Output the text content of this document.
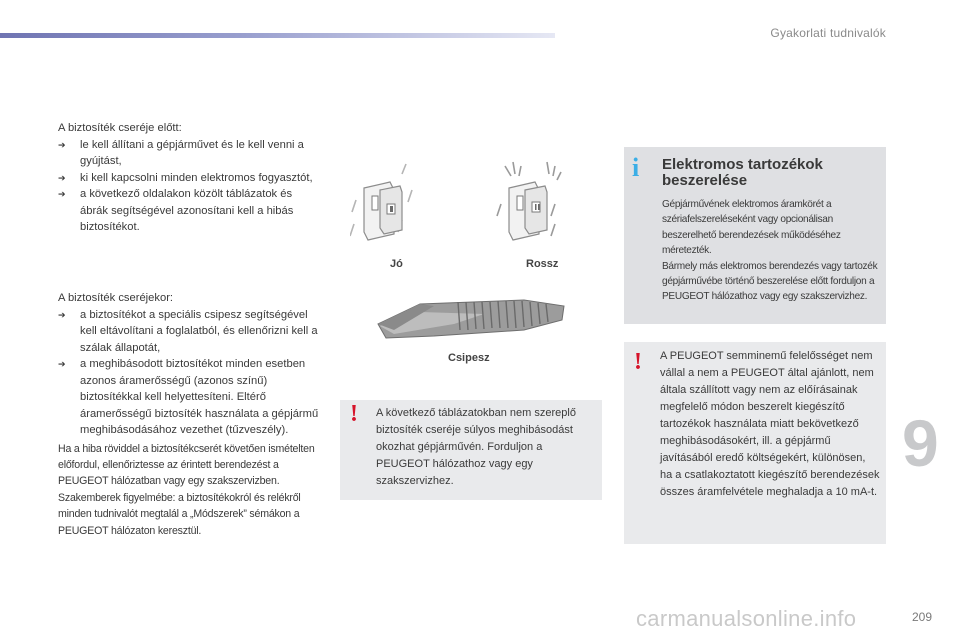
Gyakorlati tudnivalók

A biztosíték cseréje előtt:

➔ le kell állítani a gépjárművet és le kell venni a gyújtást,
➔ ki kell kapcsolni minden elektromos fogyasztót,
➔ a következő oldalakon közölt táblázatok és ábrák segítségével azonosítani kell a hibás biztosítékot.

A biztosíték cseréjekor:

➔ a biztosítékot a speciális csipesz segítségével kell eltávolítani a foglalatból, és ellenőrizni kell a szálak állapotát,
➔ a meghibásodott biztosítékot minden esetben azonos áramerősségű (azonos színű) biztosítékkal kell helyettesíteni. Eltérő áramerősségű biztosíték használata a gépjármű meghibásodásához vezethet (tűzveszély).

Ha a hiba röviddel a biztosítékcserét követően ismételten előfordul, ellenőriztesse az érintett berendezést a PEUGEOT hálózatban vagy egy szakszervizben.

Szakemberek figyelmébe: a biztosítékokról és relékről minden tudnivalót megtalál a „Módszerek” sémákon a PEUGEOT hálózaton keresztül.

Jó	Rossz
Csipesz
! A következő táblázatokban nem szereplő biztosíték cseréje súlyos meghibásodást okozhat gépjárművén. Forduljon a PEUGEOT hálózathoz vagy egy szakszervizhez.
i Elektromos tartozékok beszerelése
Gépjárművének elektromos áramkörét a szériafelszereléseként vagy opcionálisan beszerelhető berendezések működéséhez méretezték.
Bármely más elektromos berendezés vagy tartozék gépjárművébe történő beszerelése előtt forduljon a PEUGEOT hálózathoz vagy egy szakszervizhez.
! A PEUGEOT semminemű felelősséget nem vállal a nem a PEUGEOT által ajánlott, nem általa szállított vagy nem az előírásainak megfelelő módon beszerelt kiegészítő tartozékok használata miatt bekövetkező meghibásodásokért, ill. a gépjármű javításából eredő költségekért, különösen, ha a csatlakoztatott kiegészítő berendezések összes áramfelvétele meghaladja a 10 mA-t.
9
209
carmanualsonline.info
